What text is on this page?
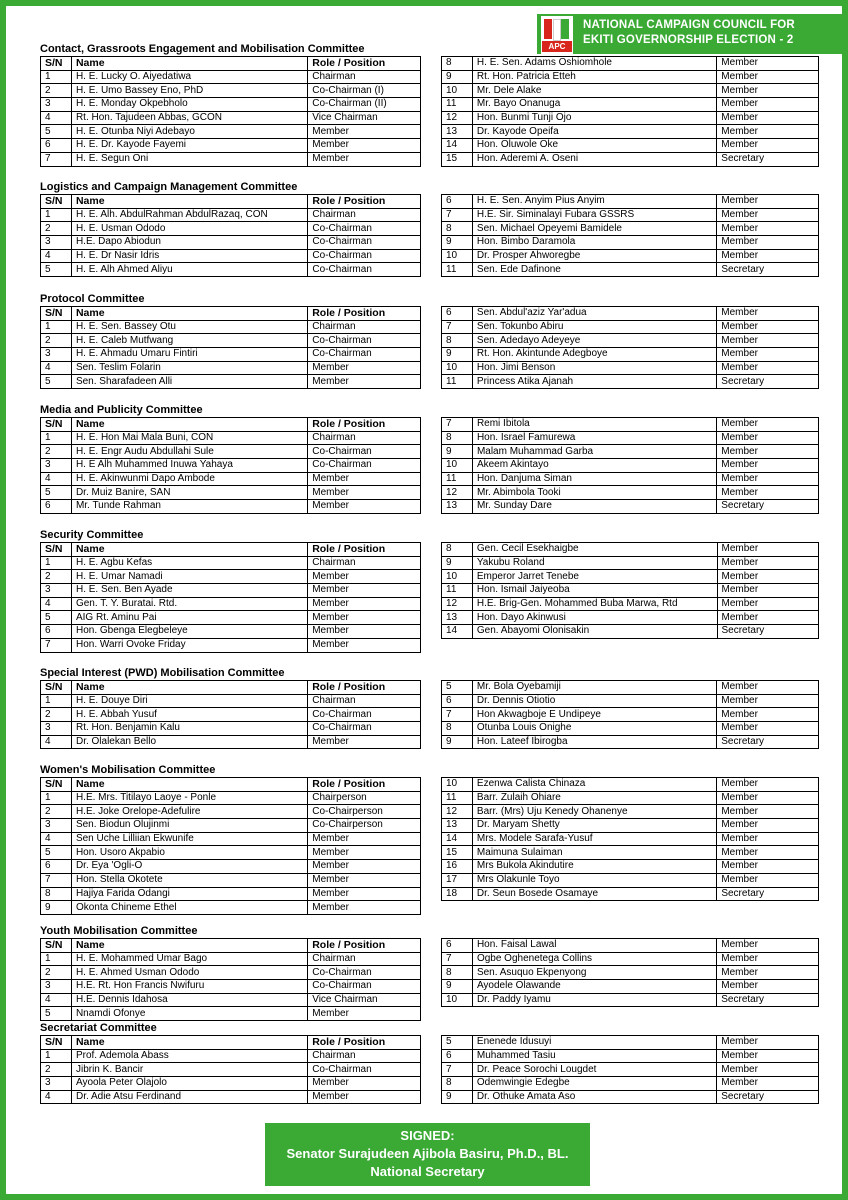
APC
NATIONAL CAMPAIGN COUNCIL FOR
EKITI GOVERNORSHIP ELECTION - 2
Contact, Grassroots Engagement and Mobilisation Committee
S/N	Name	Role / Position
1	H. E. Lucky O. Aiyedatiwa	Chairman
2	H. E. Umo Bassey Eno, PhD	Co-Chairman (I)
3	H. E. Monday Okpebholo	Co-Chairman (II)
4	Rt. Hon. Tajudeen Abbas, GCON	Vice Chairman
5	H. E. Otunba Niyi Adebayo	Member
6	H. E. Dr. Kayode Fayemi	Member
7	H. E. Segun Oni	Member
8	H. E. Sen. Adams Oshiomhole	Member
9	Rt. Hon. Patricia Etteh	Member
10	Mr. Dele Alake	Member
11	Mr. Bayo Onanuga	Member
12	Hon. Bunmi Tunji Ojo	Member
13	Dr. Kayode Opeifa	Member
14	Hon. Oluwole Oke	Member
15	Hon. Aderemi A. Oseni	Secretary
Logistics and Campaign Management Committee
S/N	Name	Role / Position
1	H. E. Alh. AbdulRahman AbdulRazaq, CON	Chairman
2	H. E. Usman Ododo	Co-Chairman
3	H.E. Dapo Abiodun	Co-Chairman
4	H. E. Dr Nasir Idris	Co-Chairman
5	H. E. Alh Ahmed Aliyu	Co-Chairman
6	H. E. Sen. Anyim Pius Anyim	Member
7	H.E. Sir. Siminalayi Fubara GSSRS	Member
8	Sen. Michael Opeyemi Bamidele	Member
9	Hon. Bimbo Daramola	Member
10	Dr. Prosper Ahworegbe	Member
11	Sen. Ede Dafinone	Secretary
Protocol Committee
S/N	Name	Role / Position
1	H. E. Sen. Bassey Otu	Chairman
2	H. E. Caleb Mutfwang	Co-Chairman
3	H. E. Ahmadu Umaru Fintiri	Co-Chairman
4	Sen. Teslim Folarin	Member
5	Sen. Sharafadeen Alli	Member
6	Sen. Abdul'aziz Yar'adua	Member
7	Sen. Tokunbo Abiru	Member
8	Sen. Adedayo Adeyeye	Member
9	Rt. Hon. Akintunde Adegboye	Member
10	Hon. Jimi Benson	Member
11	Princess Atika Ajanah	Secretary
Media and Publicity Committee
S/N	Name	Role / Position
1	H. E. Hon Mai Mala Buni, CON	Chairman
2	H. E. Engr Audu Abdullahi Sule	Co-Chairman
3	H. E Alh Muhammed Inuwa Yahaya	Co-Chairman
4	H. E. Akinwunmi Dapo Ambode	Member
5	Dr. Muiz Banire, SAN	Member
6	Mr. Tunde Rahman	Member
7	Remi Ibitola	Member
8	Hon. Israel Famurewa	Member
9	Malam Muhammad Garba	Member
10	Akeem Akintayo	Member
11	Hon. Danjuma Siman	Member
12	Mr. Abimbola Tooki	Member
13	Mr. Sunday Dare	Secretary
Security Committee
S/N	Name	Role / Position
1	H. E. Agbu Kefas	Chairman
2	H. E. Umar Namadi	Member
3	H. E. Sen. Ben Ayade	Member
4	Gen. T. Y. Buratai. Rtd.	Member
5	AIG Rt. Aminu Pai	Member
6	Hon. Gbenga Elegbeleye	Member
7	Hon. Warri Ovoke Friday	Member
8	Gen. Cecil Esekhaigbe	Member
9	Yakubu Roland	Member
10	Emperor Jarret Tenebe	Member
11	Hon. Ismail Jaiyeoba	Member
12	H.E. Brig-Gen. Mohammed Buba Marwa, Rtd	Member
13	Hon. Dayo Akinwusi	Member
14	Gen. Abayomi Olonisakin	Secretary
Special Interest (PWD) Mobilisation Committee
S/N	Name	Role / Position
1	H. E. Douye Diri	Chairman
2	H. E. Abbah Yusuf	Co-Chairman
3	Rt. Hon. Benjamin Kalu	Co-Chairman
4	Dr. Olalekan Bello	Member
5	Mr. Bola Oyebamiji	Member
6	Dr. Dennis Otiotio	Member
7	Hon Akwagboje E Undipeye	Member
8	Otunba Louis Onighe	Member
9	Hon. Lateef Ibirogba	Secretary
Women's Mobilisation Committee
S/N	Name	Role / Position
1	H.E. Mrs. Titilayo Laoye - Ponle	Chairperson
2	H.E. Joke Orelope-Adefulire	Co-Chairperson
3	Sen. Biodun Olujinmi	Co-Chairperson
4	Sen Uche Lilliian Ekwunife	Member
5	Hon. Usoro Akpabio	Member
6	Dr. Eya 'Ogli-O	Member
7	Hon. Stella Okotete	Member
8	Hajiya Farida Odangi	Member
9	Okonta Chineme Ethel	Member
10	Ezenwa Calista Chinaza	Member
11	Barr. Zulaih Ohiare	Member
12	Barr. (Mrs) Uju Kenedy Ohanenye	Member
13	Dr. Maryam Shetty	Member
14	Mrs. Modele Sarafa-Yusuf	Member
15	Maimuna Sulaiman	Member
16	Mrs Bukola Akindutire	Member
17	Mrs Olakunle Toyo	Member
18	Dr. Seun Bosede Osamaye	Secretary
Youth Mobilisation Committee
S/N	Name	Role / Position
1	H. E. Mohammed Umar Bago	Chairman
2	H. E. Ahmed Usman Ododo	Co-Chairman
3	H.E. Rt. Hon Francis Nwifuru	Co-Chairman
4	H.E. Dennis Idahosa	Vice Chairman
5	Nnamdi Ofonye	Member
6	Hon. Faisal Lawal	Member
7	Ogbe Oghenetega Collins	Member
8	Sen. Asuquo Ekpenyong	Member
9	Ayodele Olawande	Member
10	Dr. Paddy Iyamu	Secretary
Secretariat Committee
S/N	Name	Role / Position
1	Prof. Ademola Abass	Chairman
2	Jibrin K. Bancir	Co-Chairman
3	Ayoola Peter Olajolo	Member
4	Dr. Adie Atsu Ferdinand	Member
5	Enenede Idusuyi	Member
6	Muhammed Tasiu	Member
7	Dr. Peace Sorochi Lougdet	Member
8	Odemwingie Edegbe	Member
9	Dr. Othuke Amata Aso	Secretary
SIGNED:
Senator Surajudeen Ajibola Basiru, Ph.D., BL.
National Secretary
